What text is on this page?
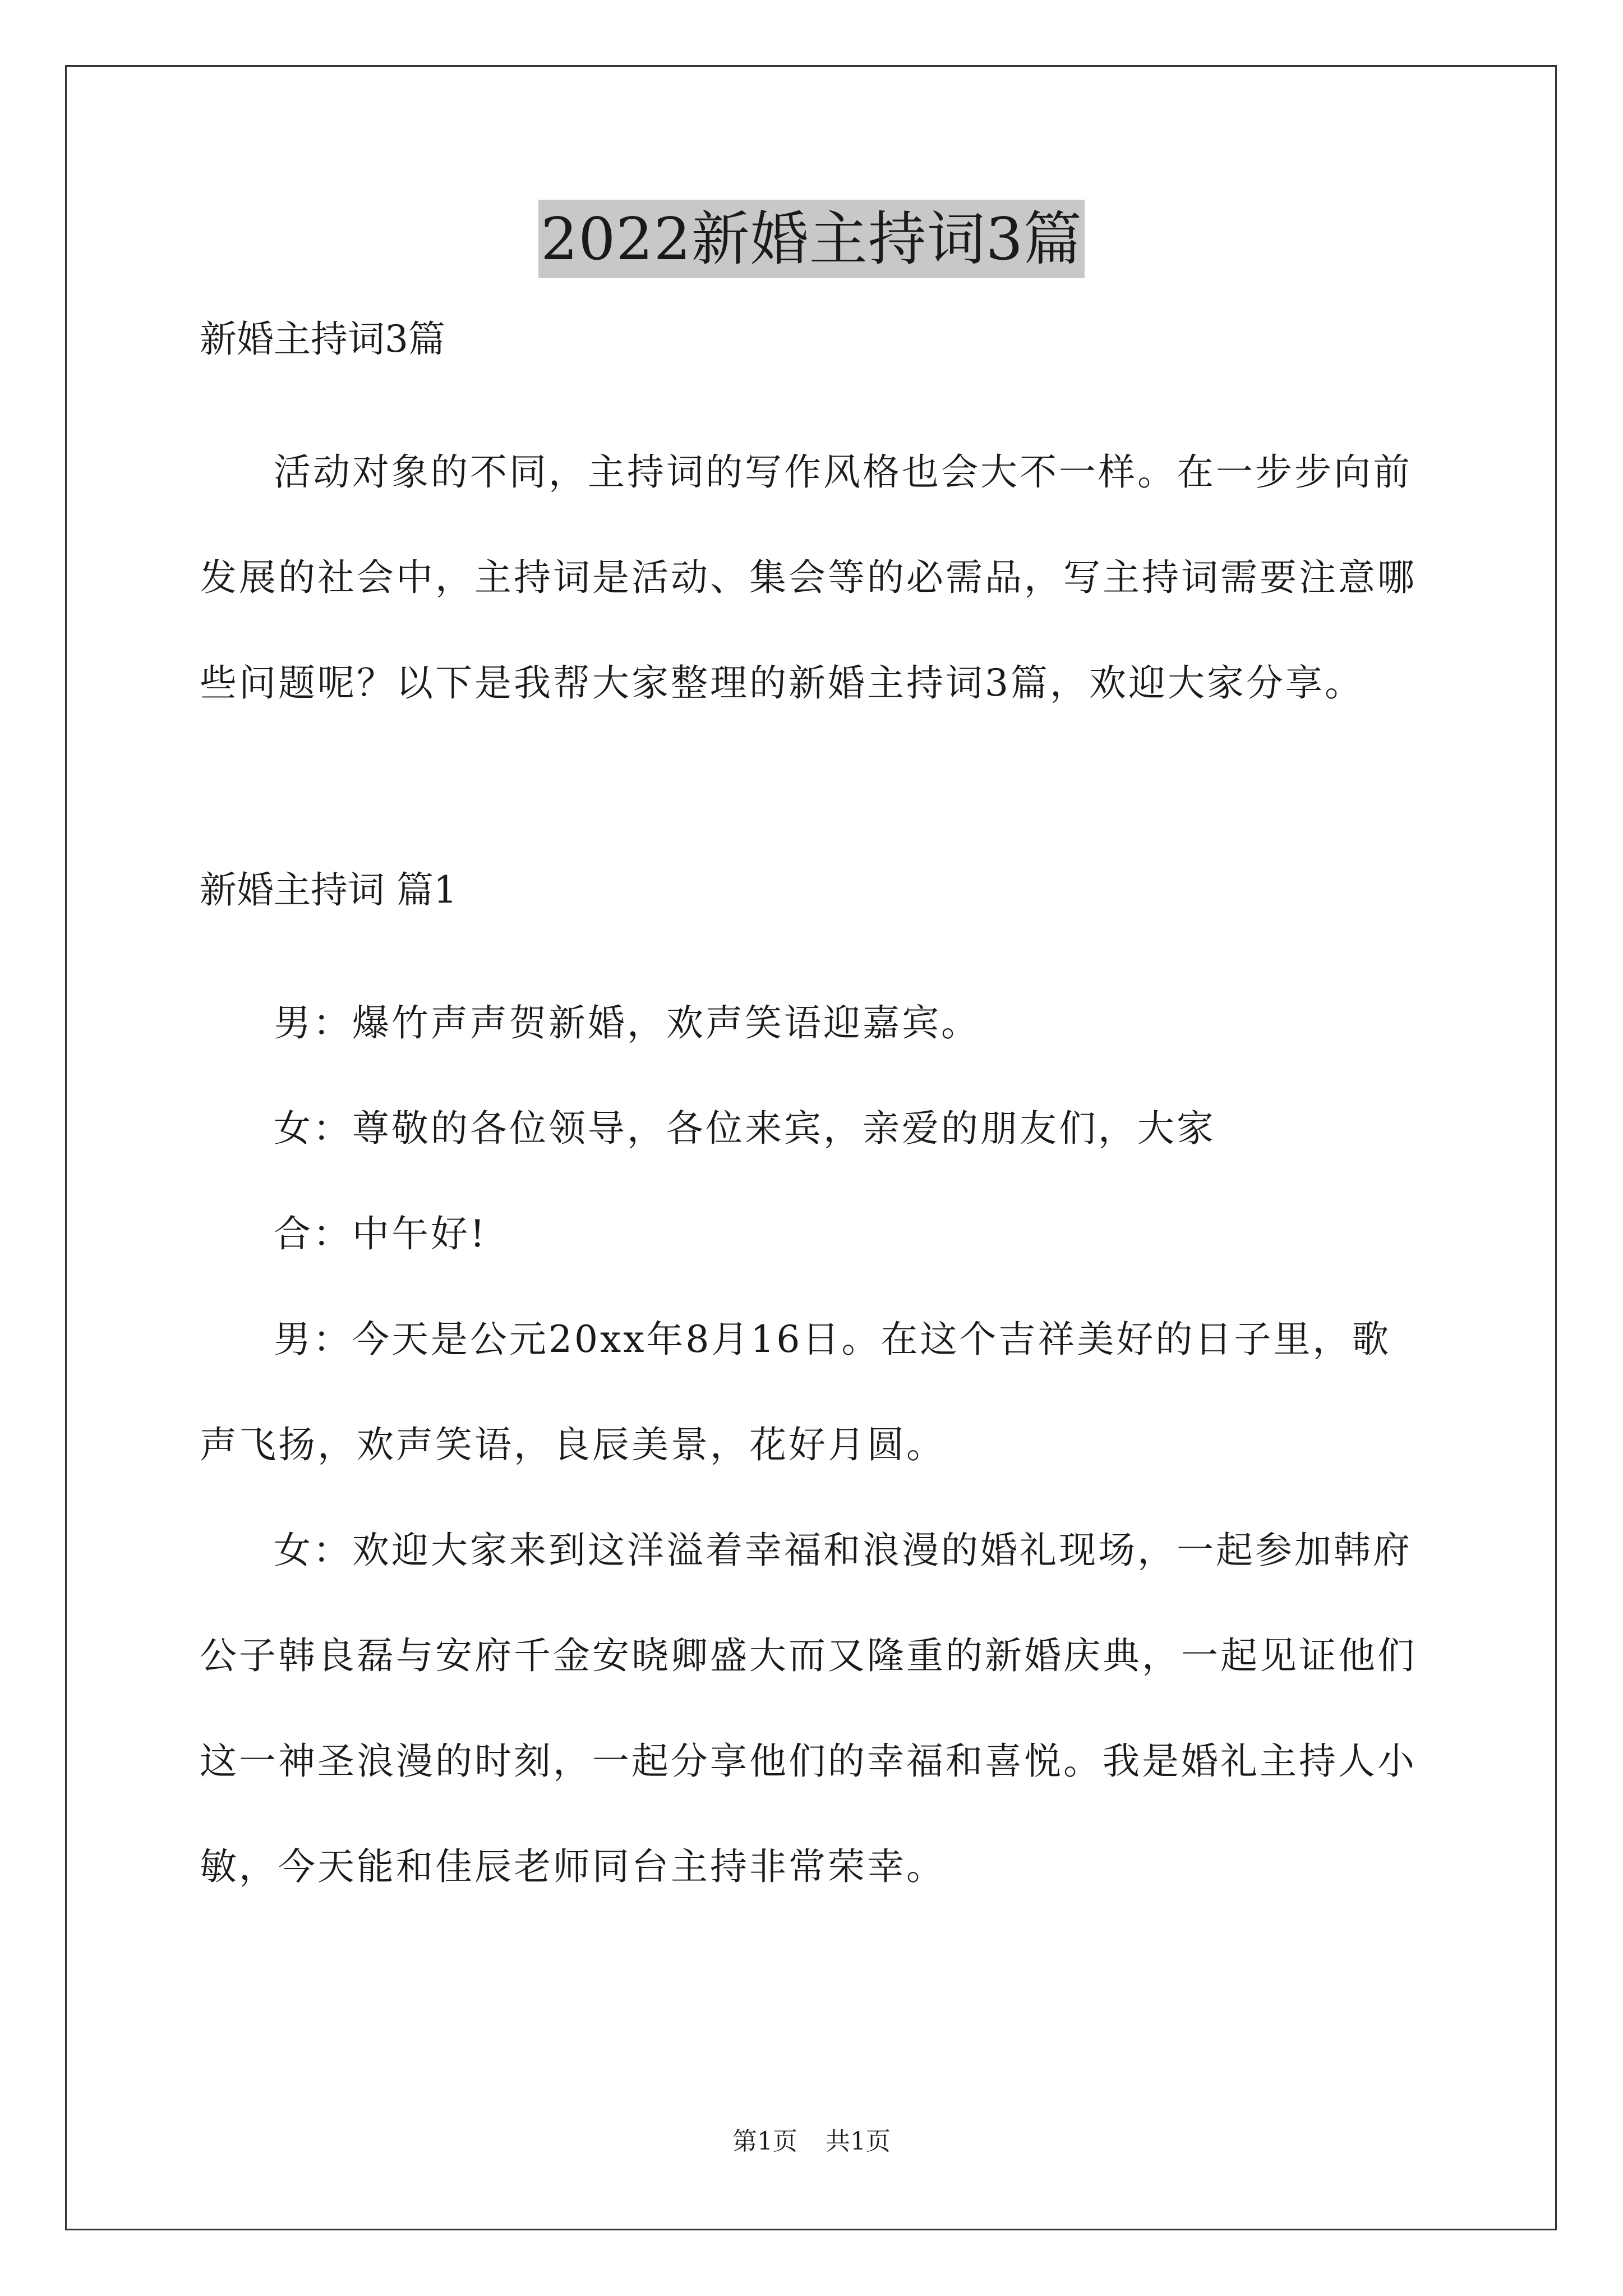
2022新婚主持词3篇

新婚主持词3篇

活动对象的不同，主持词的写作风格也会大不一样。在一步步向前发展的社会中，主持词是活动、集会等的必需品，写主持词需要注意哪些问题呢？以下是我帮大家整理的新婚主持词3篇，欢迎大家分享。

新婚主持词 篇1

男：爆竹声声贺新婚，欢声笑语迎嘉宾。

女：尊敬的各位领导，各位来宾，亲爱的朋友们，大家

合：中午好!

男：今天是公元20xx年8月16日。在这个吉祥美好的日子里，歌声飞扬，欢声笑语，良辰美景，花好月圆。

女：欢迎大家来到这洋溢着幸福和浪漫的婚礼现场，一起参加韩府公子韩良磊与安府千金安晓卿盛大而又隆重的新婚庆典，一起见证他们这一神圣浪漫的时刻，一起分享他们的幸福和喜悦。我是婚礼主持人小敏，今天能和佳辰老师同台主持非常荣幸。

第1页 共1页
